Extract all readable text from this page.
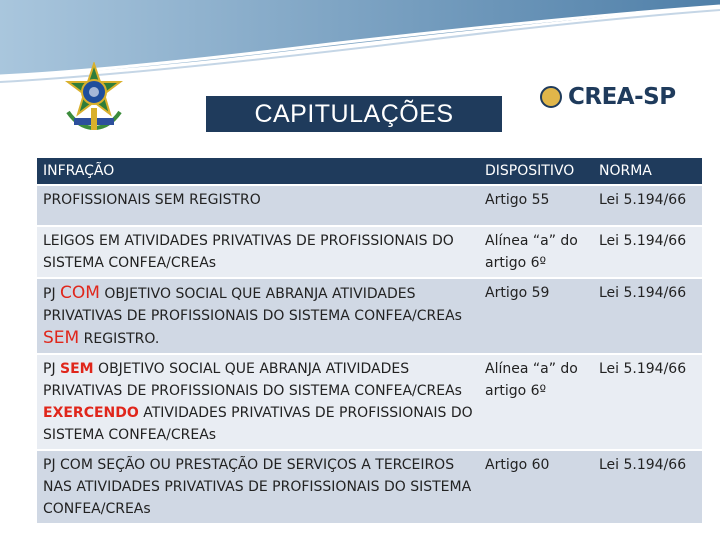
CAPITULAÇÕES
CREA-SP
INFRAÇÃO	DISPOSITIVO	NORMA
PROFISSIONAIS SEM REGISTRO	Artigo 55	Lei 5.194/66
LEIGOS EM ATIVIDADES PRIVATIVAS DE PROFISSIONAIS DO SISTEMA CONFEA/CREAs	Alínea “a” do artigo 6º	Lei 5.194/66
PJ COM OBJETIVO SOCIAL QUE ABRANJA ATIVIDADES PRIVATIVAS DE PROFISSIONAIS DO SISTEMA CONFEA/CREAs SEM REGISTRO.	Artigo 59	Lei 5.194/66
PJ SEM OBJETIVO SOCIAL QUE ABRANJA ATIVIDADES PRIVATIVAS DE PROFISSIONAIS DO SISTEMA CONFEA/CREAs EXERCENDO ATIVIDADES PRIVATIVAS DE PROFISSIONAIS DO SISTEMA CONFEA/CREAs	Alínea “a” do artigo 6º	Lei 5.194/66
PJ COM SEÇÃO OU PRESTAÇÃO DE SERVIÇOS A TERCEIROS NAS ATIVIDADES PRIVATIVAS DE PROFISSIONAIS DO SISTEMA CONFEA/CREAs	Artigo 60	Lei 5.194/66
